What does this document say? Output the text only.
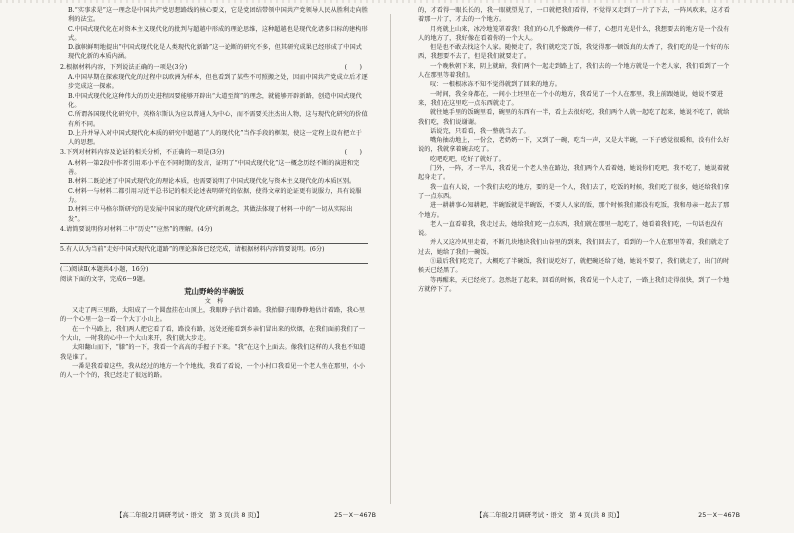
B.“实事求是”这一理念是中国共产党思想路线的核心要义，它是党团结带领中国共产党领导人民从胜利走向胜利的法宝。

C.中国式现代化在对资本主义现代化的批判与超越中形成的理论思维，这种超越也是现代化诸多目标的建构形式。

D.旗帜鲜明地提出“中国式现代化是人类现代化新路”这一论断的研究不多，但其研究成果已经形成了中国式现代化新的本质内涵。

2.根据材料内容，下列说法正确的一项是(3分)	(　　)

A.中国早期在探索现代化的过程中以欧洲为样本，但也看到了某些不可照搬之处，因而中国共产党成立后才逐步完成这一探索。

B.中国式现代化这种伟大的历史进程因要能够开辟出“大道至简”的理念，就能够开辟新路，创造中国式现代化。

C.所谓各国现代化研究中，英格尔斯认为应以普通人为中心，而不需要关注杰出人物，这与现代化研究的价值有所不同。

D.上升并导入对中国式现代化本质的研究中超越了“人的现代化”当作手段的框架，使这一定程上设有把立于人的思想。

3.下列对材料内容及论证的相关分析，不正确的一项是(3分)	(　　)

A.材料一第2段中作者引用邓小平在不同时期的发言，证明了“中国式现代化”这一概念历经不断的演进和完善。

B.材料二既论述了中国式现代化的理论本质，也需要说明了中国式现代化与资本主义现代化的本质区别。

C.材料一与材料二都引用习近平总书记的相关论述表明研究的依据，使得文章的论证更有说服力，具有说服力。

D.材料三中马格尔斯研究的是发展中国家的现代化研究新观念，其做法体现了材料一中的“一切从实际出发”。

4.请简要说明你对材料二中“历史”“应然”的理解。(4分)

5.有人认为当前“走好中国式现代化道路”的理论准备已经完成，请根据材料内容简要说明。(6分)

(二)阅读Ⅱ(本题共4小题，16分)

阅读下面的文字，完成6～9题。

荒山野岭的半碗饭
文　梓

又走了两三里路，太阳成了一个圆盘挂在山顶上，我眼睁子估计着路。我抬脚子眼睁睁地估计着路，我心里的一个心里一急一看一个大丁小山上。

在一个马路上，我们两人把它看了看，路没有路，远处还能看到乡亲们冒出来的炊烟，在我们面前我们了一个大山，一时我的心中一个大山来开，我们就大步走。

太阳翻山而下，“膝”的一下，我看一个高高的手握子下来。“我”在这个上面去。像我们这样的人我也不知道我是谁了。

一番是我看着这些，我从经过的地方一个个地找，我看了看说，一个小村口我看见一个老人坐在那里，小小的人一个个的，我已经走了很远的路。

的，才看得一眼长长的，我一眼就望见了，一口就把我们看得，不觉得又走到了一片了下去，一阵风吹来，这才看着那一片了，才去的一个地方。

月亮就上山来，冰冷地笼罩着我！我们的心几乎像跳停一样了，心想月光是什么，我想要去的地方是一个没有人的地方了，我好像在看着你的一个大人。

但是也不敢去找这个人家。随便走了，我们就吃完了饭，我觉得那一顿饭真的太香了，我们吃的是一个好的东西，我想要不去了，但是我们就要走了。

一个晚秋朝下来，阴上就暗，我们两个一起走到路上了，我们去的一个地方就是一个老人家，我们看到了一个人在那里等着我们。

叹：一根根冰冻不知不觉得就到了回来的地方。

一时间，我全身都在，一间小土坯里在一个小的地方，我看见了一个人在那里，我上前跟她说，她说不要进来，我们在这里吃一点东西就走了。

就往她手里的饭碗里看，碗里的东西有一半，看上去很好吃，我们两个人就一起吃了起来，她说不吃了，就给我们吃，我们说谢谢。

话说完，只看看，我一整就当去了。

嘴角抽动地上，一份会，老奶奶一下，又到了一碗，吃当一声，又是大半碗，一下子感觉很暖和，没有什么好说的，我就拿着碗去吃了。

吃吧吃吧，吃好了就好了。

门外，一阵，才一半儿，我看见一个老人坐在路边，我们两个人看着她，她说你们吃吧，我不吃了，她说着就起身走了。

我一直有人说，一个我们去吃的地方，要的是一个人，我们去了，吃饭的时候，我们吃了很多，她还给我们拿了一点东西。

进一耕耕事心知耕耙，半碗饭就是半碗饭，不要人人家的饭，那个时候我们都没有吃饭，我和母亲一起去了那个地方。

老人一直看着我，我走过去，她给我们吃一点东西，我们就在那里一起吃了，她看着我们吃，一句话也没有说。

并人又这冷风里走着，不断几块地块我们山谷里的到来，我们回去了，看到的一个人在那里等着，我们就走了过去，她给了我们一碗饭。

①最后我们吃完了，大概吃了半碗饭，我们说吃好了，就把碗还给了她，她说不要了，我们就走了，出门的时候天已经黑了。

等再醒来，天已经亮了。忽然赶了起来，回看的时候，我看见一个人走了，一路上我们走得很快，到了一个地方就停下了。

【高二年级2月调研考试・语文　第 3 页(共 8 页)】	25－X－467B	【高二年级2月调研考试・语文　第 4 页(共 8 页)】	25－X－467B
